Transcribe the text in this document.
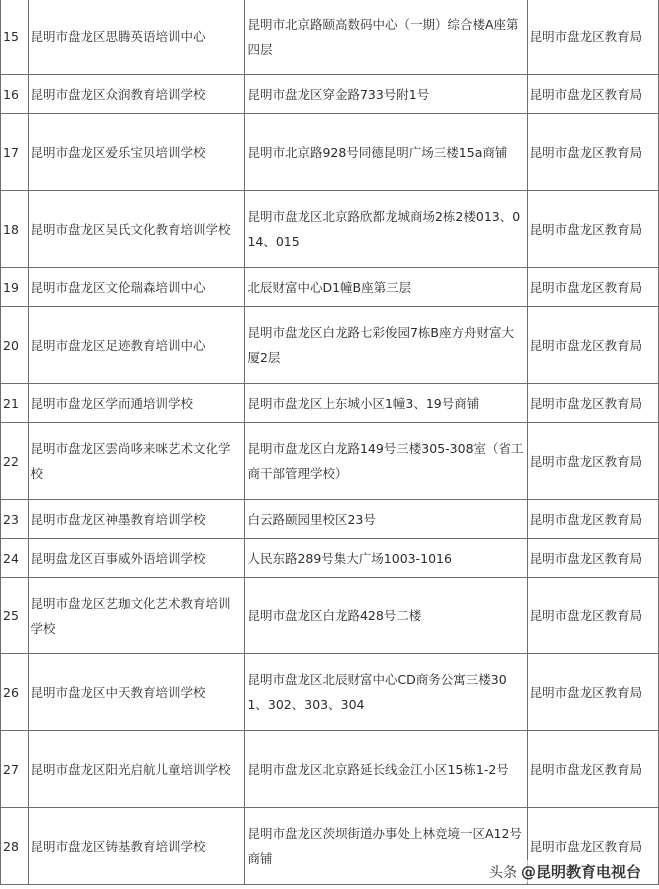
15	昆明市盘龙区思腾英语培训中心	昆明市北京路颐高数码中心（一期）综合楼A座第四层	昆明市盘龙区教育局
16	昆明市盘龙区众润教育培训学校	昆明市盘龙区穿金路733号附1号	昆明市盘龙区教育局
17	昆明市盘龙区爱乐宝贝培训学校	昆明市北京路928号同德昆明广场三楼15a商铺	昆明市盘龙区教育局
18	昆明市盘龙区吴氏文化教育培训学校	昆明市盘龙区北京路欣都龙城商场2栋2楼013、014、015	昆明市盘龙区教育局
19	昆明市盘龙区文伦瑞森培训中心	北辰财富中心D1幢B座第三层	昆明市盘龙区教育局
20	昆明市盘龙区足迹教育培训中心	昆明市盘龙区白龙路七彩俊园7栋B座方舟财富大厦2层	昆明市盘龙区教育局
21	昆明市盘龙区学而通培训学校	昆明市盘龙区上东城小区1幢3、19号商铺	昆明市盘龙区教育局
22	昆明市盘龙区雲尚哆来咪艺术文化学校	昆明市盘龙区白龙路149号三楼305-308室（省工商干部管理学校）	昆明市盘龙区教育局
23	昆明市盘龙区神墨教育培训学校	白云路颐园里校区23号	昆明市盘龙区教育局
24	昆明盘龙区百事威外语培训学校	人民东路289号集大广场1003-1016	昆明市盘龙区教育局
25	昆明市盘龙区艺珈文化艺术教育培训学校	昆明市盘龙区白龙路428号二楼	昆明市盘龙区教育局
26	昆明市盘龙区中天教育培训学校	昆明市盘龙区北辰财富中心CD商务公寓三楼301、302、303、304	昆明市盘龙区教育局
27	昆明市盘龙区阳光启航儿童培训学校	昆明市盘龙区北京路延长线金江小区15栋1-2号	昆明市盘龙区教育局
28	昆明市盘龙区铸基教育培训学校	昆明市盘龙区茨坝街道办事处上林竞境一区A12号商铺	昆明市盘龙区教育局
头条 @昆明教育电视台
